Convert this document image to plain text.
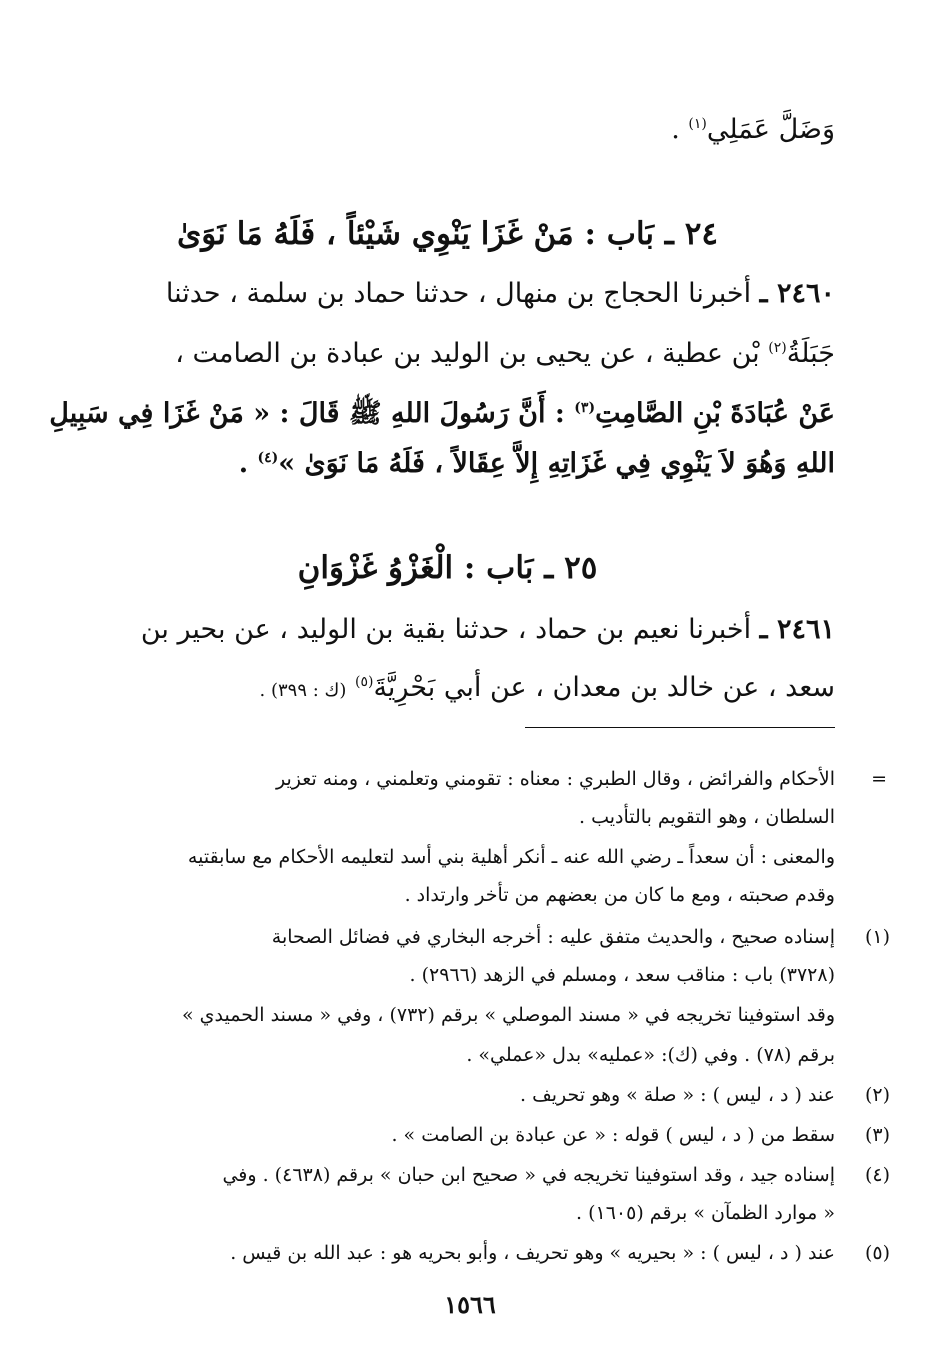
وَضَلَّ عَمَلِي$^{(١)}$ .
٢٤ ـ بَاب : مَنْ غَزَا يَنْوِي شَيْئاً ، فَلَهُ مَا نَوَىٰ
٢٤٦٠ ـ أخبرنا الحجاج بن منهال ، حدثنا حماد بن سلمة ، حدثنا
جَبَلَةُ$^{(٢)}$ بْن عطية ، عن يحيى بن الوليد بن عبادة بن الصامت ،
عَنْ عُبَادَةَ بْنِ الصَّامِتِ$^{(٣)}$ : أَنَّ رَسُولَ اللهِ ﷺ قَالَ : « مَنْ غَزَا فِي سَبِيلِ
اللهِ وَهُوَ لاَ يَنْوِي فِي غَزَاتِهِ إِلاَّ عِقَالاً ، فَلَهُ مَا نَوَىٰ »$^{(٤)}$ .
٢٥ ـ بَاب : الْغَزْوُ غَزْوَانِ
٢٤٦١ ـ أخبرنا نعيم بن حماد ، حدثنا بقية بن الوليد ، عن بحير بن
سعد ، عن خالد بن معدان ، عن أبي بَحْرِيَّةَ$^{(٥)}$ (ك : ٣٩٩) .
=
الأحكام والفرائض ، وقال الطبري : معناه : تقومني وتعلمني ، ومنه تعزير
السلطان ، وهو التقويم بالتأديب .
والمعنى : أن سعداً ـ رضي الله عنه ـ أنكر أهلية بني أسد لتعليمه الأحكام مع سابقتيه
وقدم صحبته ، ومع ما كان من بعضهم من تأخر وارتداد .
(١)
إسناده صحيح ، والحديث متفق عليه : أخرجه البخاري في فضائل الصحابة
(٣٧٢٨) باب : مناقب سعد ، ومسلم في الزهد (٢٩٦٦) .
وقد استوفينا تخريجه في « مسند الموصلي » برقم (٧٣٢) ، وفي « مسند الحميدي »
برقم (٧٨) . وفي (ك): «عمليه» بدل «عملي» .
(٢)
عند ( د ، ليس ) : « صلة » وهو تحريف .
(٣)
سقط من ( د ، ليس ) قوله : « عن عبادة بن الصامت » .
(٤)
إسناده جيد ، وقد استوفينا تخريجه في « صحيح ابن حبان » برقم (٤٦٣٨) . وفي
« موارد الظمآن » برقم (١٦٠٥) .
(٥)
عند ( د ، ليس ) : « بحيريه » وهو تحريف ، وأبو بحريه هو : عبد الله بن قيس .
١٥٦٦
